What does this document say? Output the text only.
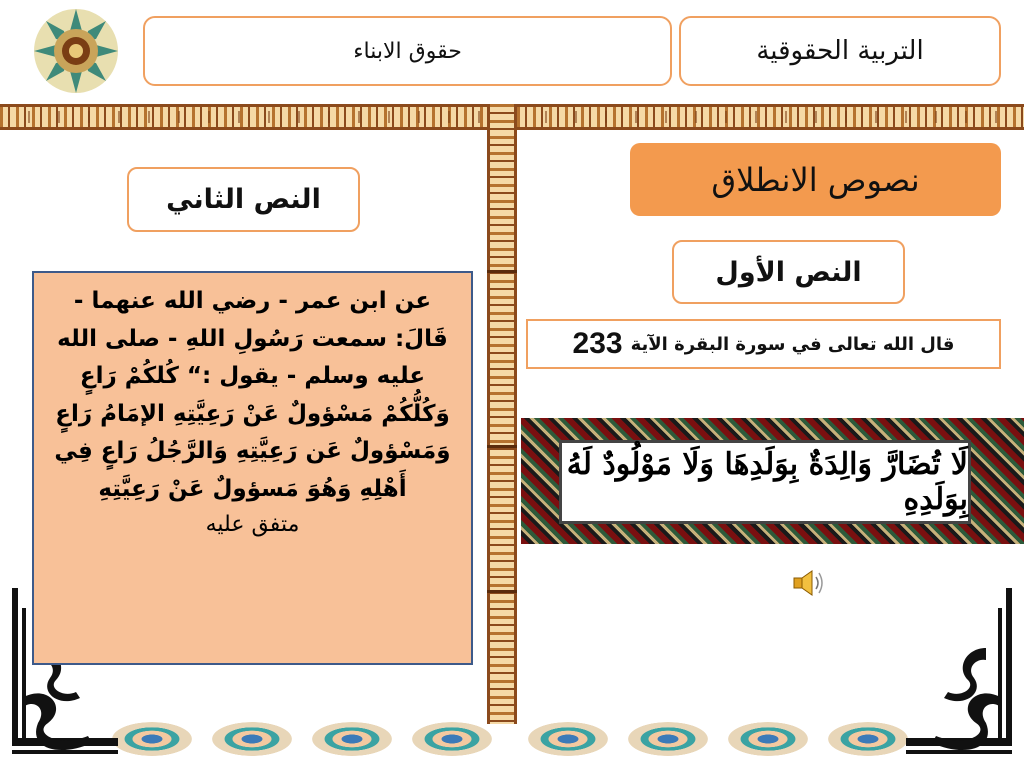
حقوق الابناء	التربية الحقوقية
نصوص الانطلاق
النص الأول
قال الله تعالى في سورة البقرة الآية
233
لَا تُضَارَّ وَالِدَةٌ بِوَلَدِهَا وَلَا مَوْلُودٌ لَهُ بِوَلَدِهِ
النص الثاني

عن ابن عمر - رضي الله عنهما - قَالَ: سمعت رَسُولِ اللهِ - صلى الله عليه وسلم - يقول :“ كُلكُمْ رَاعٍ وَكُلُّكُمْ مَسْؤولٌ عَنْ رَعِيَّتِهِ الإمَامُ رَاعٍ وَمَسْؤولٌ عَن رَعِيَّتِهِ وَالرَّجُلُ رَاعٍ فِي أَهْلِهِ وَهُوَ مَسؤولٌ عَنْ رَعِيَّتِهِ

متفق عليه
